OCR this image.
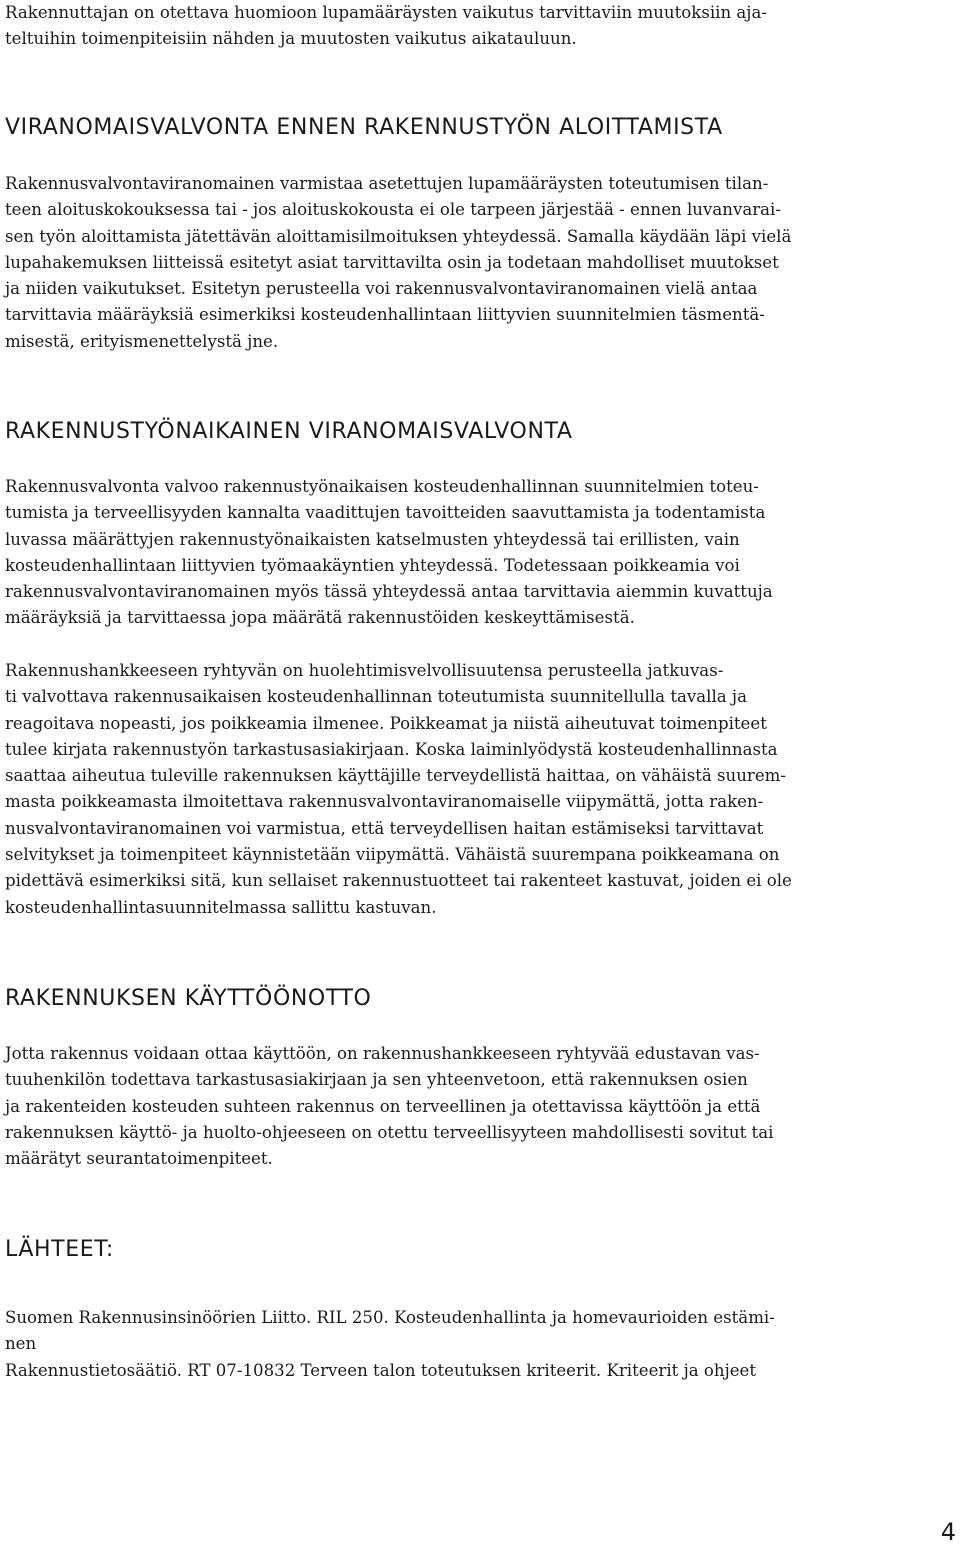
Rakennuttajan on otettava huomioon lupamääräysten vaikutus tarvittaviin muutoksiin aja-

teltuihin toimenpiteisiin nähden ja muutosten vaikutus aikatauluun.

VIRANOMAISVALVONTA ENNEN RAKENNUSTYÖN ALOITTAMISTA

Rakennusvalvontaviranomainen varmistaa asetettujen lupamääräysten toteutumisen tilan-

teen aloituskokouksessa tai - jos aloituskokousta ei ole tarpeen järjestää - ennen luvanvarai-

sen työn aloittamista jätettävän aloittamisilmoituksen yhteydessä. Samalla käydään läpi vielä

lupahakemuksen liitteissä esitetyt asiat tarvittavilta osin ja todetaan mahdolliset muutokset

ja niiden vaikutukset. Esitetyn perusteella voi rakennusvalvontaviranomainen vielä antaa

tarvittavia määräyksiä esimerkiksi kosteudenhallintaan liittyvien suunnitelmien täsmentä-

misestä, erityismenettelystä jne.

RAKENNUSTYÖNAIKAINEN VIRANOMAISVALVONTA

Rakennusvalvonta valvoo rakennustyönaikaisen kosteudenhallinnan suunnitelmien toteu-

tumista ja terveellisyyden kannalta vaadittujen tavoitteiden saavuttamista ja todentamista

luvassa määrättyjen rakennustyönaikaisten katselmusten yhteydessä tai erillisten, vain

kosteudenhallintaan liittyvien työmaakäyntien yhteydessä. Todetessaan poikkeamia voi

rakennusvalvontaviranomainen myös tässä yhteydessä antaa tarvittavia aiemmin kuvattuja

määräyksiä ja tarvittaessa jopa määrätä rakennustöiden keskeyttämisestä.

Rakennushankkeeseen ryhtyvän on huolehtimisvelvollisuutensa perusteella jatkuvas-

ti valvottava rakennusaikaisen kosteudenhallinnan toteutumista suunnitellulla tavalla ja

reagoitava nopeasti, jos poikkeamia ilmenee. Poikkeamat ja niistä aiheutuvat toimenpiteet

tulee kirjata rakennustyön tarkastusasiakirjaan. Koska laiminlyödystä kosteudenhallinnasta

saattaa aiheutua tuleville rakennuksen käyttäjille terveydellistä haittaa, on vähäistä suurem-

masta poikkeamasta ilmoitettava rakennusvalvontaviranomaiselle viipymättä, jotta raken-

nusvalvontaviranomainen voi varmistua, että terveydellisen haitan estämiseksi tarvittavat

selvitykset ja toimenpiteet käynnistetään viipymättä. Vähäistä suurempana poikkeamana on

pidettävä esimerkiksi sitä, kun sellaiset rakennustuotteet tai rakenteet kastuvat, joiden ei ole

kosteudenhallintasuunnitelmassa sallittu kastuvan.

RAKENNUKSEN KÄYTTÖÖNOTTO

Jotta rakennus voidaan ottaa käyttöön, on rakennushankkeeseen ryhtyvää edustavan vas-

tuuhenkilön todettava tarkastusasiakirjaan ja sen yhteenvetoon, että rakennuksen osien

ja rakenteiden kosteuden suhteen rakennus on terveellinen ja otettavissa käyttöön ja että

rakennuksen käyttö- ja huolto-ohjeeseen on otettu terveellisyyteen mahdollisesti sovitut tai

määrätyt seurantatoimenpiteet.

LÄHTEET:

Suomen Rakennusinsinöörien Liitto. RIL 250. Kosteudenhallinta ja homevaurioiden estämi-

nen

Rakennustietosäätiö. RT 07-10832 Terveen talon toteutuksen kriteerit. Kriteerit ja ohjeet

4
